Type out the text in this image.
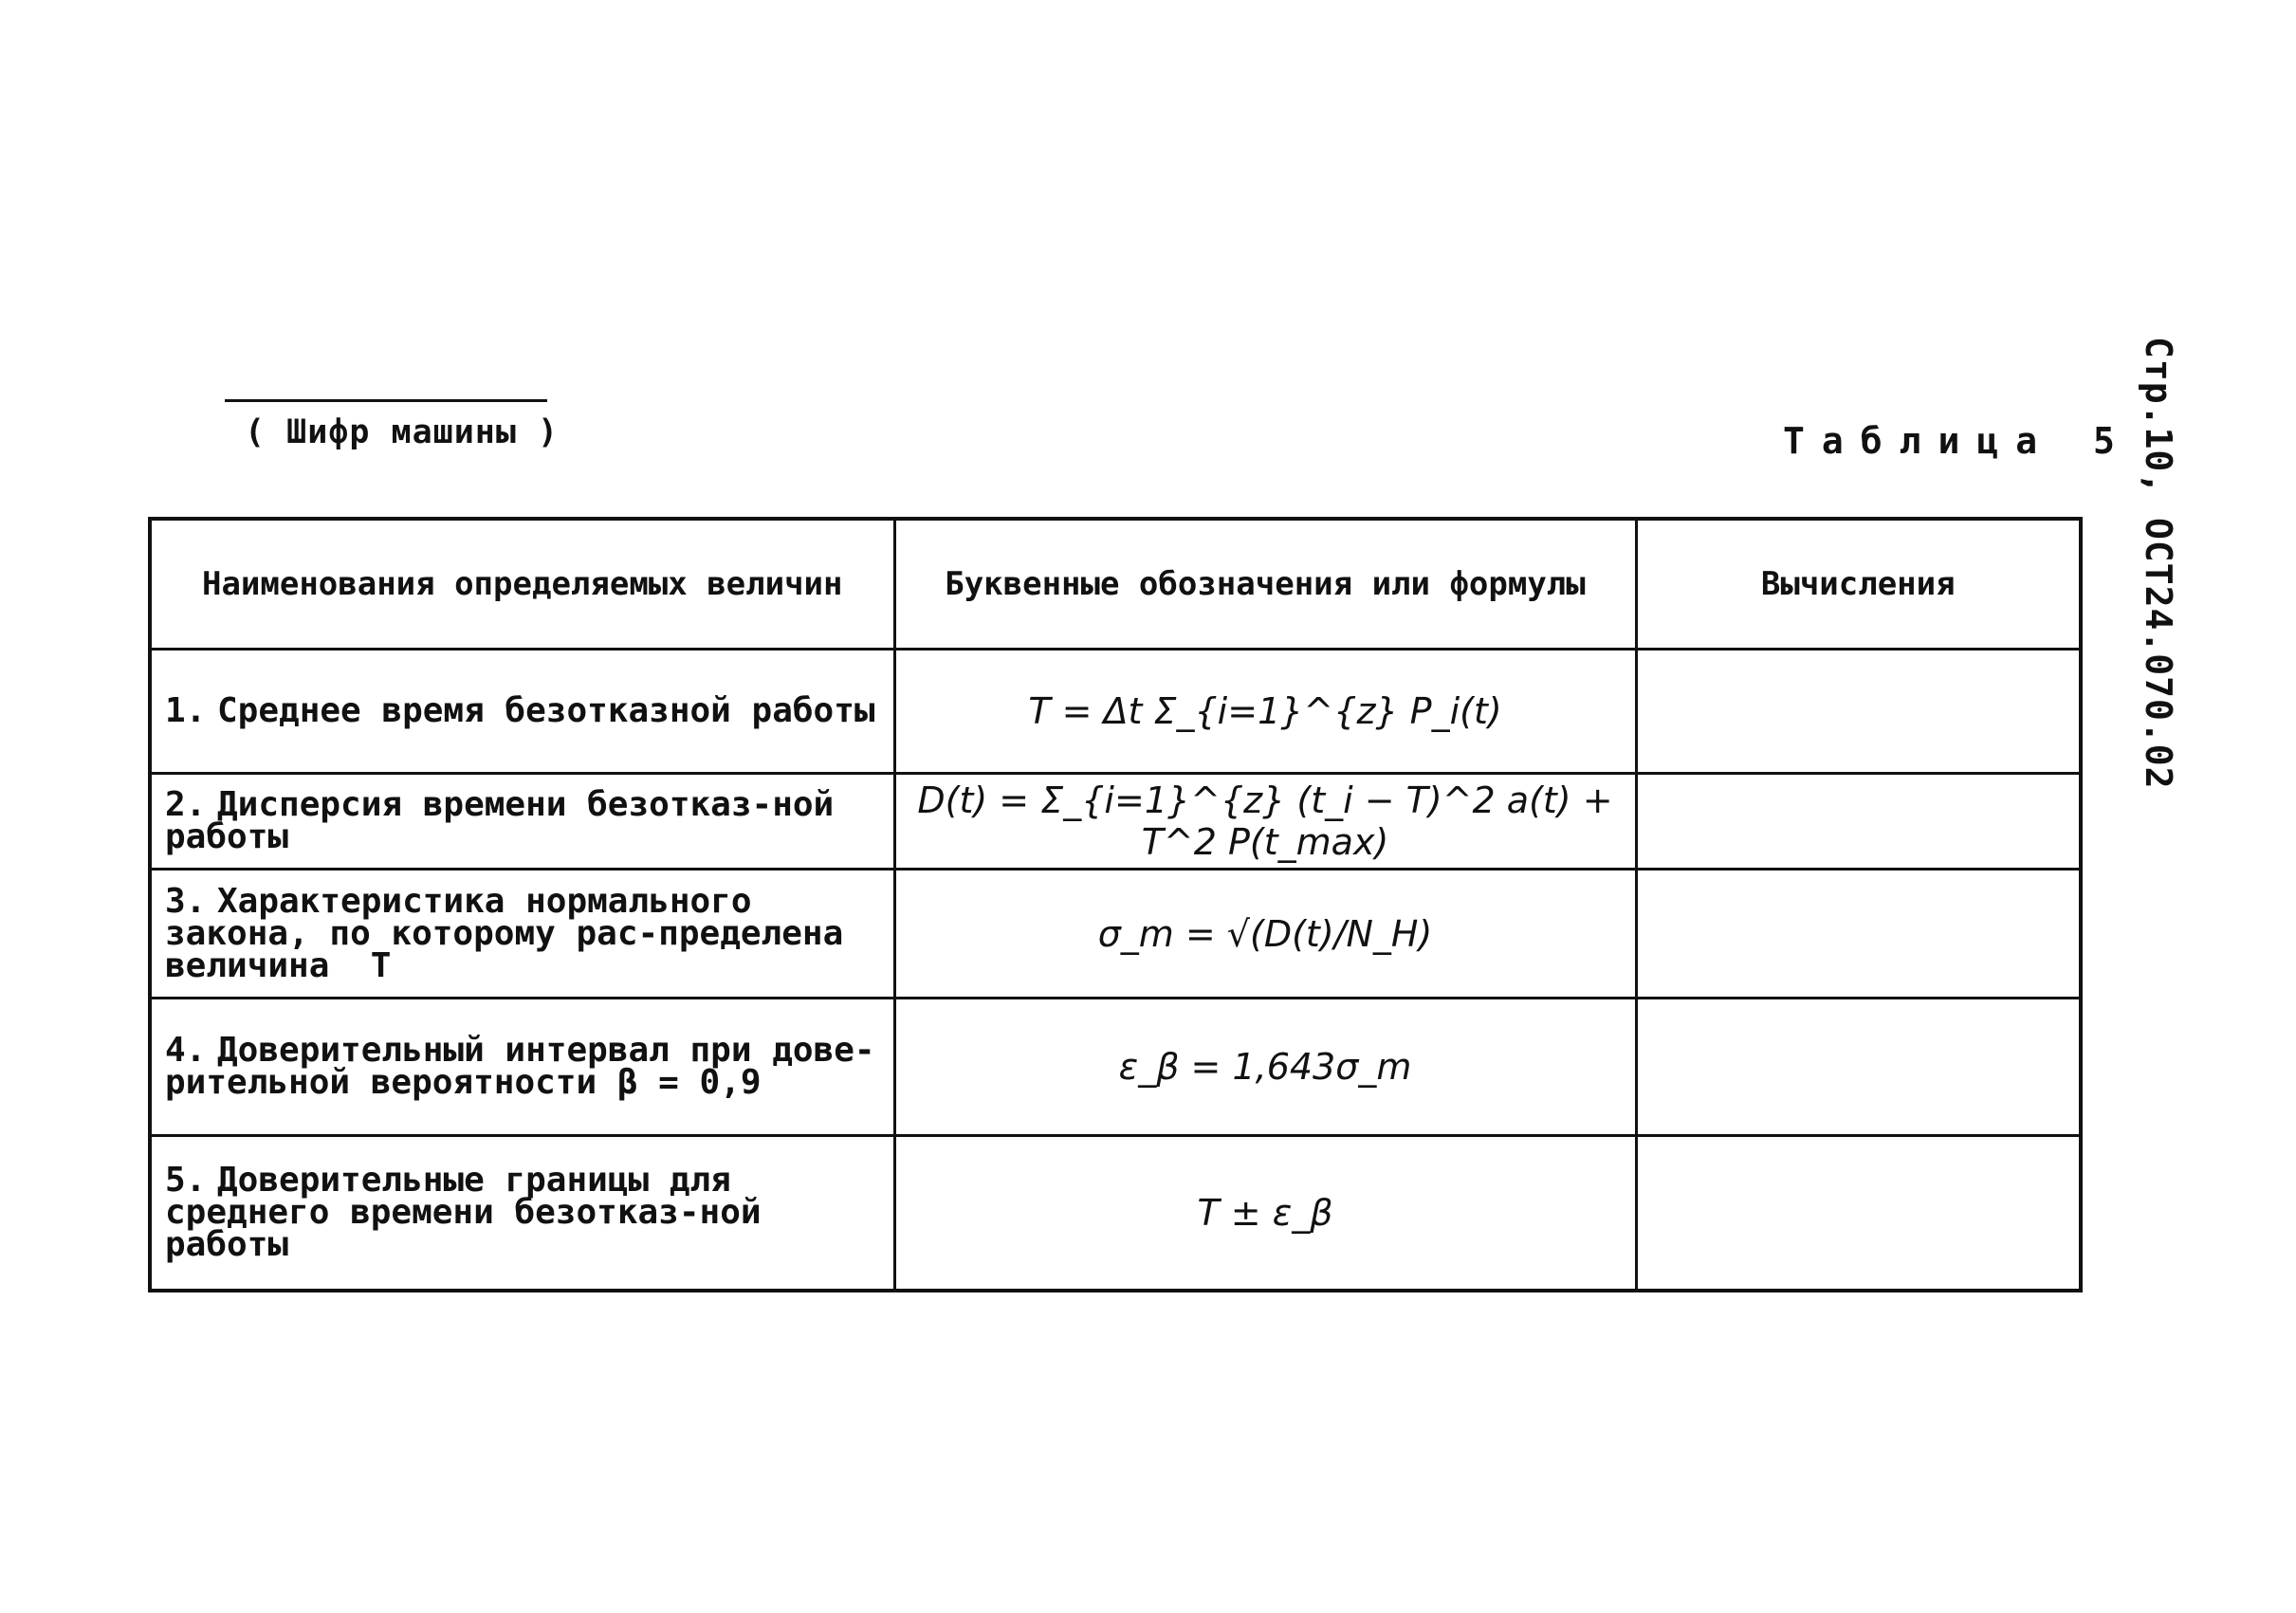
( Шифр машины )	Таблица 5 Стр.10, ОСТ24.070.02
Наименования определяемых величин	Буквенные обозначения или формулы	Вычисления
1. Среднее время безотказной работы	T = Δt Σ_{i=1}^{z} P_i(t)	
2. Дисперсия времени безотказ-ной работы	D(t) = Σ_{i=1}^{z} (t_i − T)^2 a(t) + T^2 P(t_max)	
3. Характеристика нормального закона, по которому рас-пределена величина  T	σ_m = √(D(t)/N_H)	
4. Доверительный интервал при дове-рительной вероятности β = 0,9	ε_β = 1,643σ_m	
5. Доверительные границы для среднего времени безотказ-ной работы	T ± ε_β	
